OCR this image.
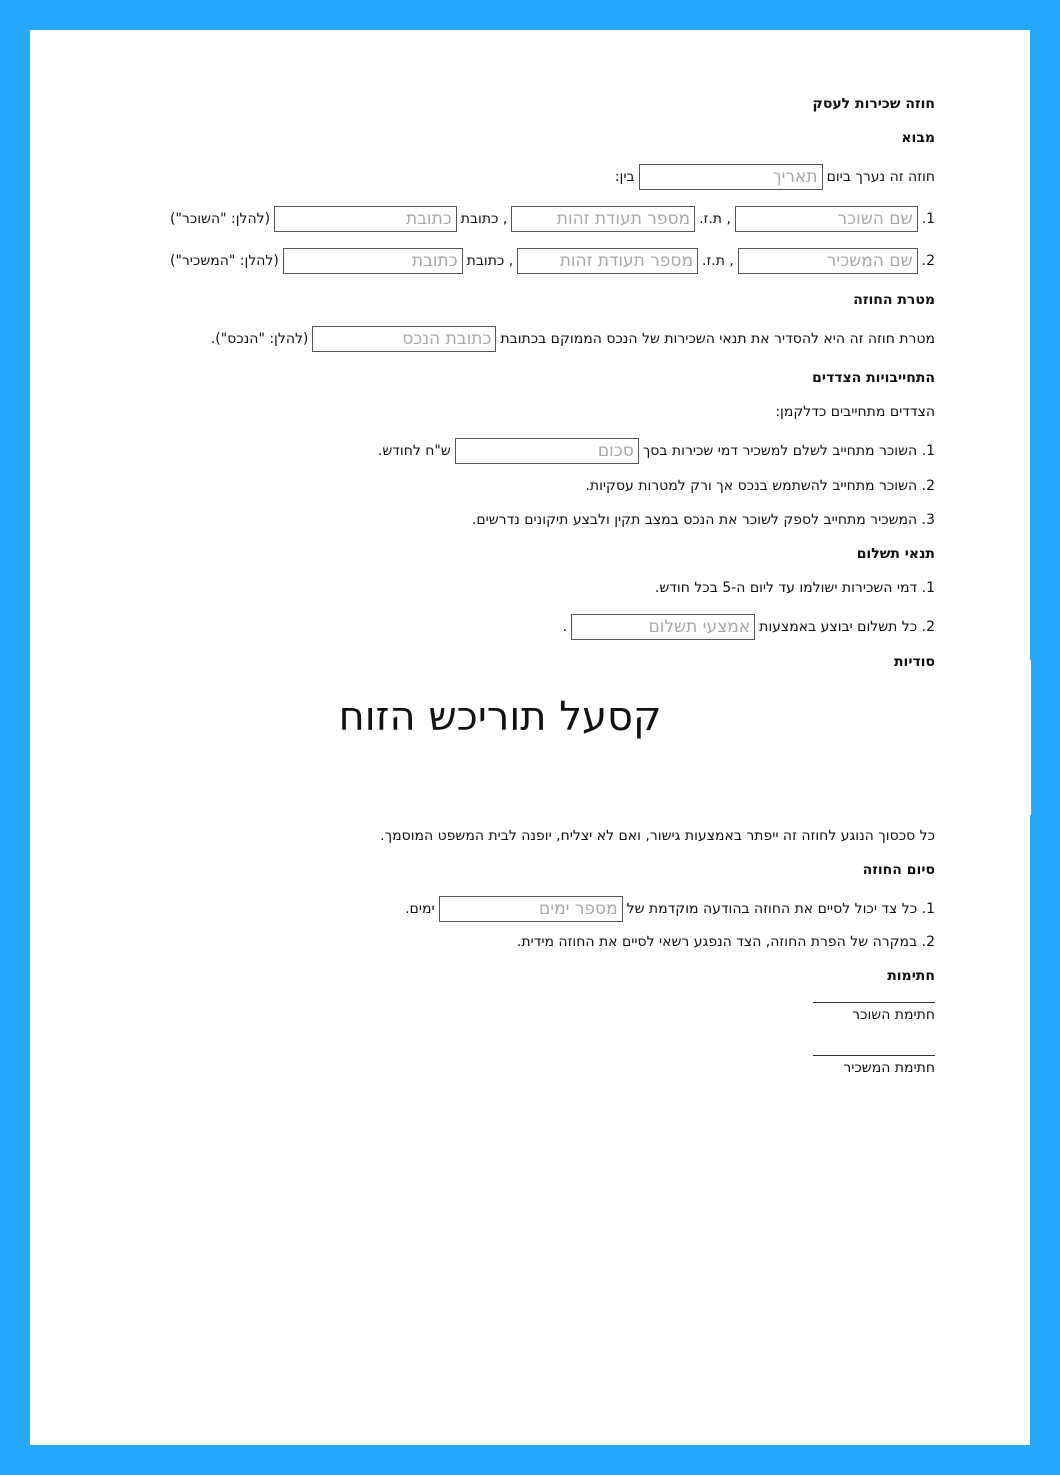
חוזה שכירות לעסק
מבוא
חוזה זה נערך ביום
תאריך
בין:
1.
שם השוכר
, ת.ז.
מספר תעודת זהות
, כתובת
כתובת
(להלן: "השוכר")
2.
שם המשכיר
, ת.ז.
מספר תעודת זהות
, כתובת
כתובת
(להלן: "המשכיר")
מטרת החוזה
מטרת חוזה זה היא להסדיר את תנאי השכירות של הנכס הממוקם בכתובת
כתובת הנכס
(להלן: "הנכס").
התחייבויות הצדדים
הצדדים מתחייבים כדלקמן:
1. השוכר מתחייב לשלם למשכיר דמי שכירות בסך
סכום
ש"ח לחודש.
2. השוכר מתחייב להשתמש בנכס אך ורק למטרות עסקיות.
3. המשכיר מתחייב לספק לשוכר את הנכס במצב תקין ולבצע תיקונים נדרשים.
תנאי תשלום
1. דמי השכירות ישולמו עד ליום ה-5 בכל חודש.
2. כל תשלום יבוצע באמצעות
אמצעי תשלום
.
סודיות
כל סכסוך הנוגע לחוזה זה ייפתר באמצעות גישור, ואם לא יצליח, יופנה לבית המשפט המוסמך.
סיום החוזה
1. כל צד יכול לסיים את החוזה בהודעה מוקדמת של
מספר ימים
ימים.
2. במקרה של הפרת החוזה, הצד הנפגע רשאי לסיים את החוזה מידית.
חתימות
חתימת השוכר
חתימת המשכיר
קסעל תוריכש הזוח
